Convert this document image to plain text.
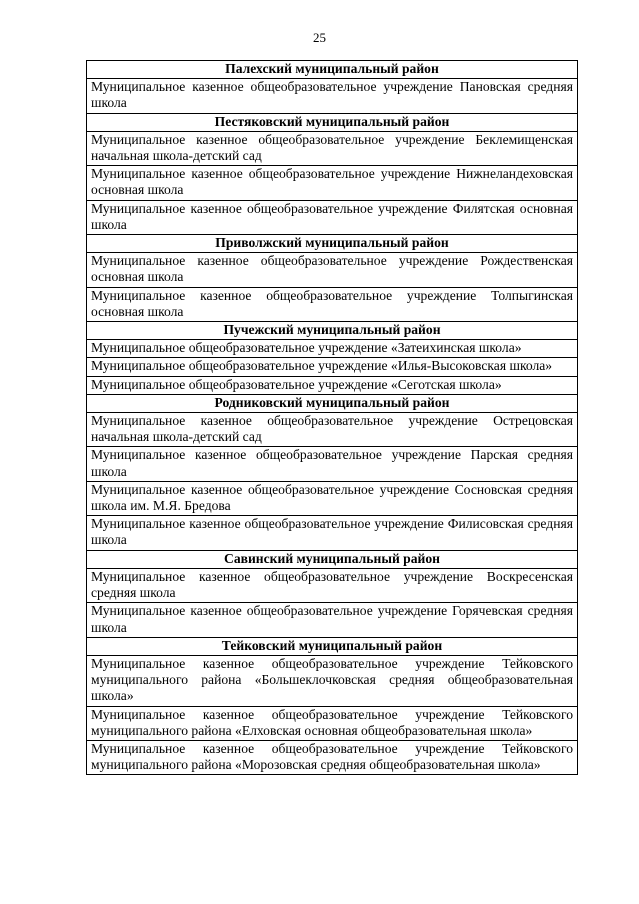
25
Палехский муниципальный район
Муниципальное казенное общеобразовательное учреждение Пановская средняя школа
Пестяковский муниципальный район
Муниципальное казенное общеобразовательное учреждение Беклемищенская начальная школа-детский сад
Муниципальное казенное общеобразовательное учреждение Нижнеландеховская основная школа
Муниципальное казенное общеобразовательное учреждение Филятская основная школа
Приволжский муниципальный район
Муниципальное казенное общеобразовательное учреждение Рождественская основная школа
Муниципальное казенное общеобразовательное учреждение Толпыгинская основная школа
Пучежский муниципальный район
Муниципальное общеобразовательное учреждение «Затеихинская школа»
Муниципальное общеобразовательное учреждение «Илья-Высоковская школа»
Муниципальное общеобразовательное учреждение «Сеготская школа»
Родниковский муниципальный район
Муниципальное казенное общеобразовательное учреждение Острецовская начальная школа-детский сад
Муниципальное казенное общеобразовательное учреждение Парская средняя школа
Муниципальное казенное общеобразовательное учреждение Сосновская средняя школа им. М.Я. Бредова
Муниципальное казенное общеобразовательное учреждение Филисовская средняя школа
Савинский муниципальный район
Муниципальное казенное общеобразовательное учреждение Воскресенская средняя школа
Муниципальное казенное общеобразовательное учреждение Горячевская средняя школа
Тейковский муниципальный район
Муниципальное казенное общеобразовательное учреждение Тейковского муниципального района «Большеклочковская средняя общеобразовательная школа»
Муниципальное казенное общеобразовательное учреждение Тейковского муниципального района «Елховская основная общеобразовательная школа»
Муниципальное казенное общеобразовательное учреждение Тейковского муниципального района «Морозовская средняя общеобразовательная школа»
